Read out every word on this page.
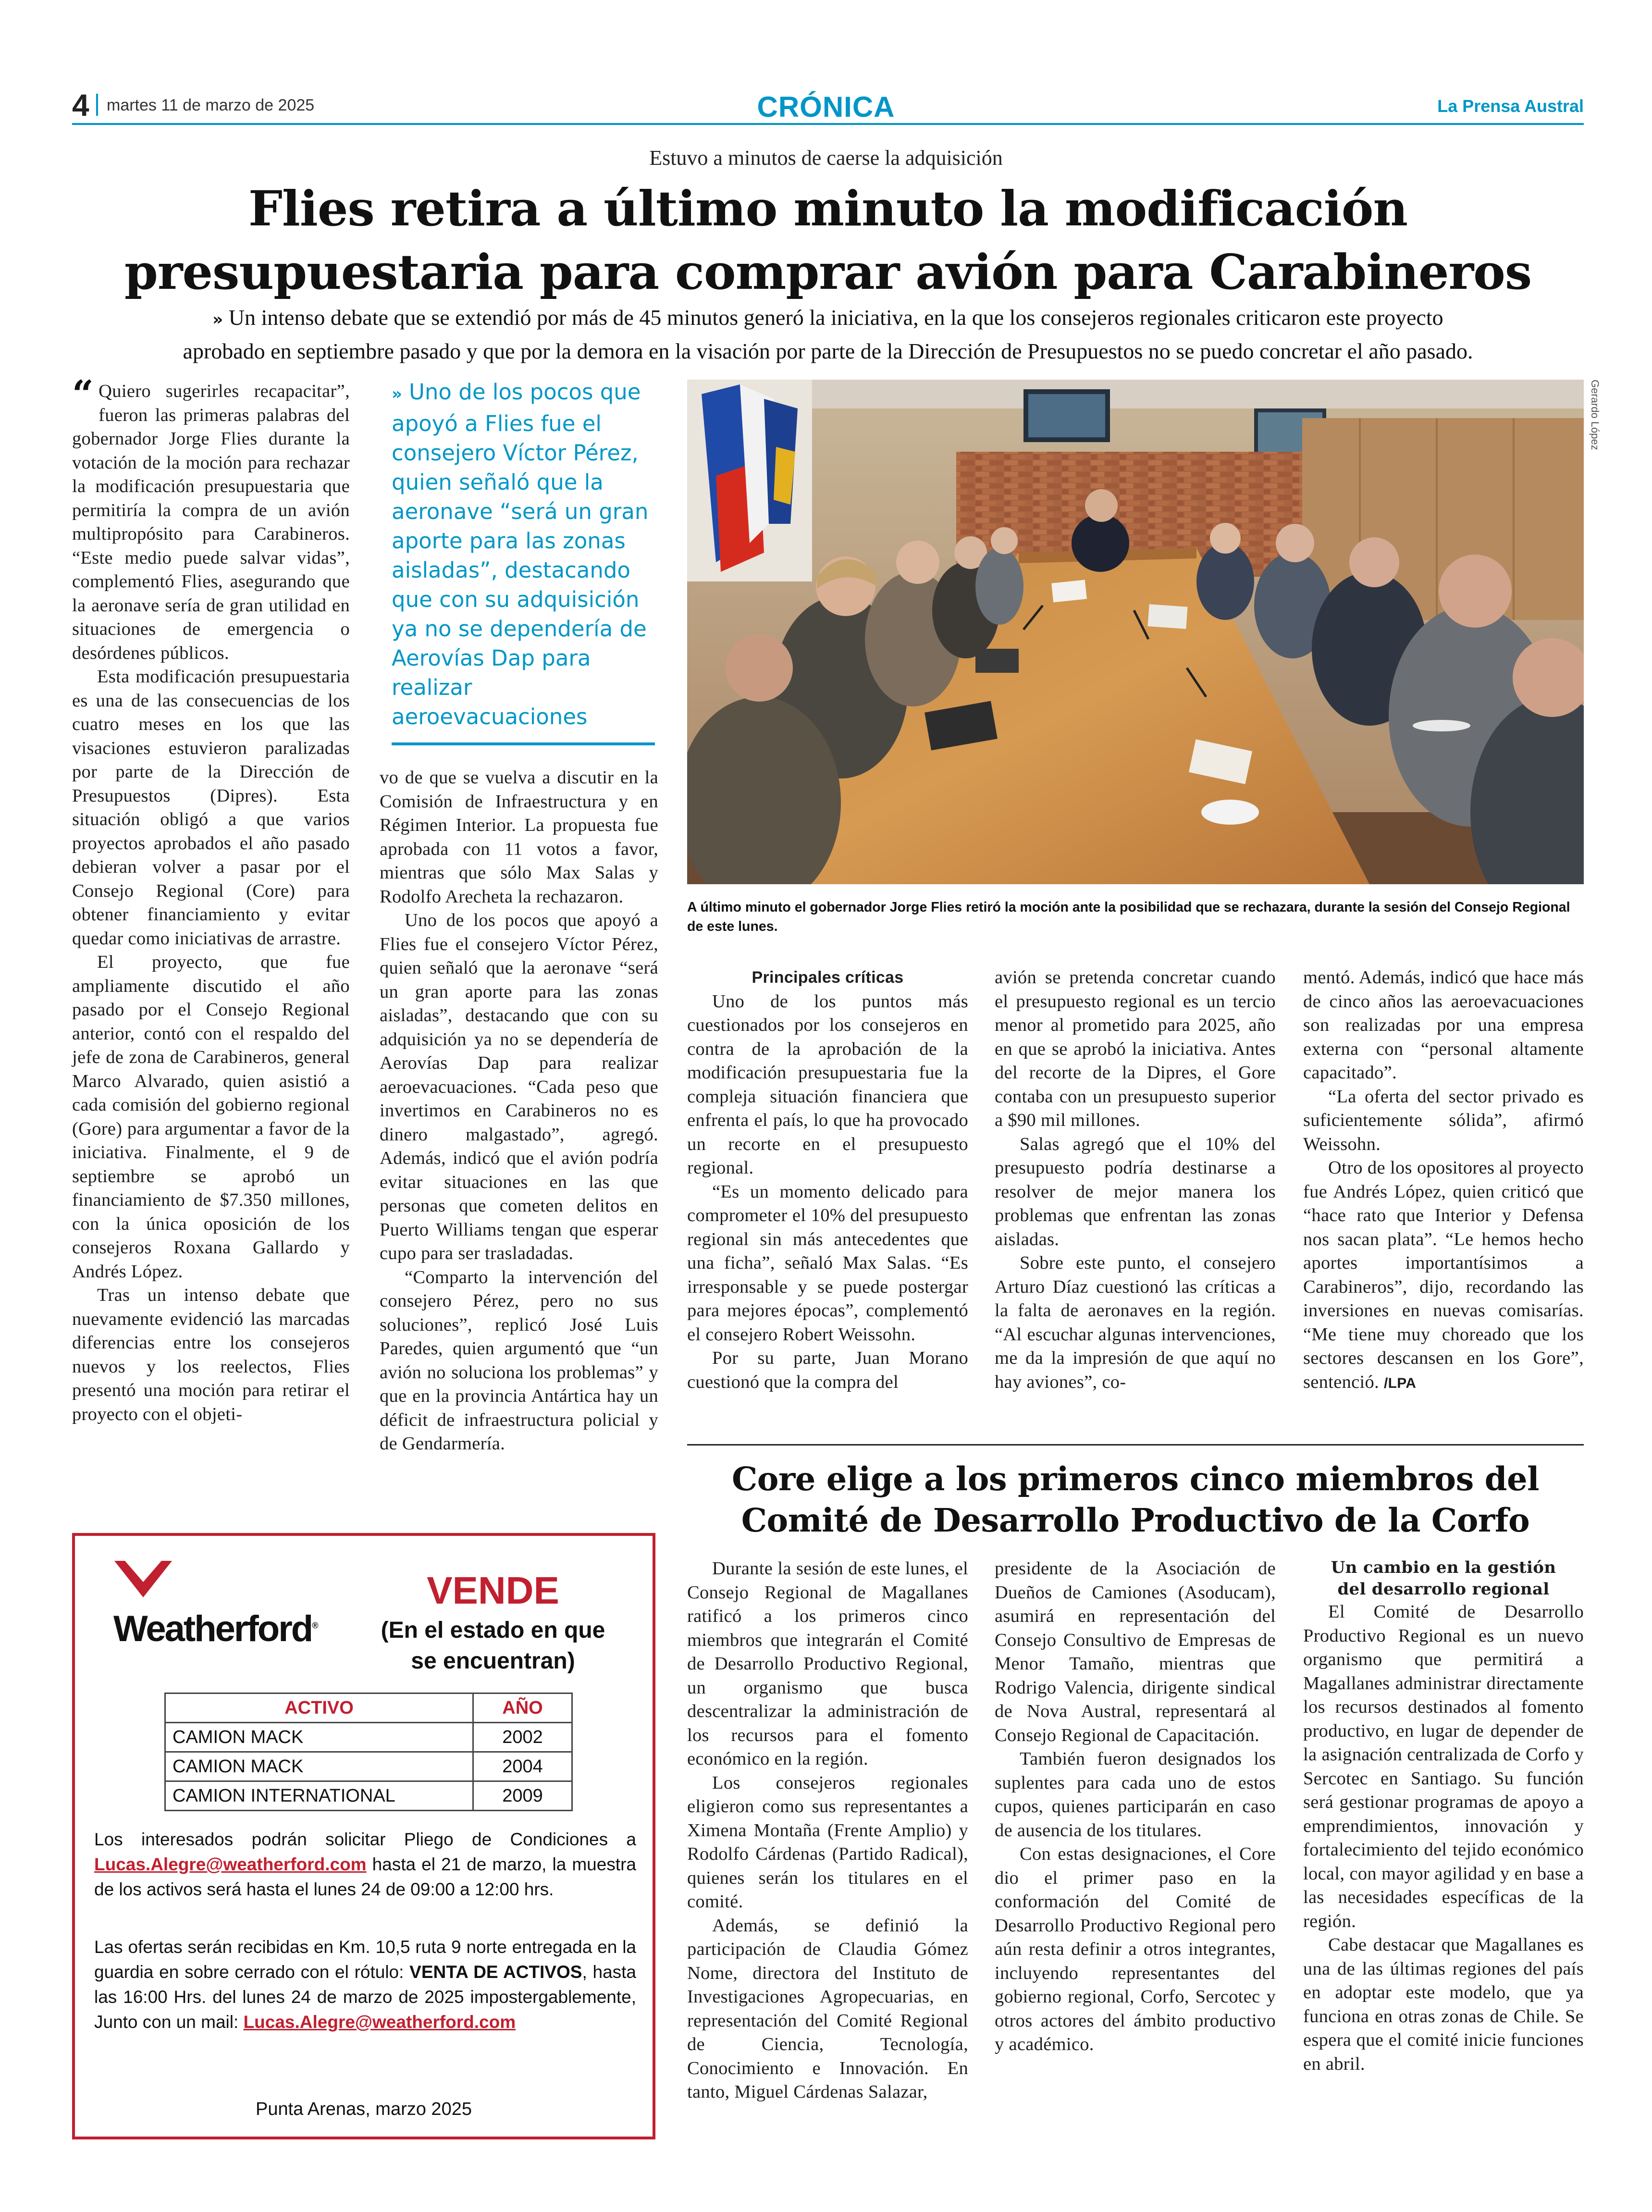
4 martes 11 de marzo de 2025	CRÓNICA	La Prensa Austral
Estuvo a minutos de caerse la adquisición
Flies retira a último minuto la modificación
presupuestaria para comprar avión para Carabineros
» Un intenso debate que se extendió por más de 45 minutos generó la iniciativa, en la que los consejeros regionales criticaron este proyecto
aprobado en septiembre pasado y que por la demora en la visación por parte de la Dirección de Presupuestos no se puedo concretar el año pasado.

“ Quiero sugerirles recapacitar”, fueron las primeras palabras del gobernador Jorge Flies durante la votación de la moción para rechazar la modificación presupuestaria que permitiría la compra de un avión multipropósito para Carabineros. “Este medio puede salvar vidas”, complementó Flies, asegurando que la aeronave sería de gran utilidad en situaciones de emergencia o desórdenes públicos.

Esta modificación presupuestaria es una de las consecuencias de los cuatro meses en los que las visaciones estuvieron paralizadas por parte de la Dirección de Presupuestos (Dipres). Esta situación obligó a que varios proyectos aprobados el año pasado debieran volver a pasar por el Consejo Regional (Core) para obtener financiamiento y evitar quedar como iniciativas de arrastre.

El proyecto, que fue ampliamente discutido el año pasado por el Consejo Regional anterior, contó con el respaldo del jefe de zona de Carabineros, general Marco Alvarado, quien asistió a cada comisión del gobierno regional (Gore) para argumentar a favor de la iniciativa. Finalmente, el 9 de septiembre se aprobó un financiamiento de $7.350 millones, con la única oposición de los consejeros Roxana Gallardo y Andrés López.

Tras un intenso debate que nuevamente evidenció las marcadas diferencias entre los consejeros nuevos y los reelectos, Flies presentó una moción para retirar el proyecto con el objeti-

» Uno de los pocos que apoyó a Flies fue el consejero Víctor Pérez, quien señaló que la aeronave “será un gran aporte para las zonas aisladas”, destacando que con su adquisición ya no se dependería de Aerovías Dap para realizar aeroevacuaciones

vo de que se vuelva a discutir en la Comisión de Infraestructura y en Régimen Interior. La propuesta fue aprobada con 11 votos a favor, mientras que sólo Max Salas y Rodolfo Arecheta la rechazaron.

Uno de los pocos que apoyó a Flies fue el consejero Víctor Pérez, quien señaló que la aeronave “será un gran aporte para las zonas aisladas”, destacando que con su adquisición ya no se dependería de Aerovías Dap para realizar aeroevacuaciones. “Cada peso que invertimos en Carabineros no es dinero malgastado”, agregó. Además, indicó que el avión podría evitar situaciones en las que personas que cometen delitos en Puerto Williams tengan que esperar cupo para ser trasladadas.

“Comparto la intervención del consejero Pérez, pero no sus soluciones”, replicó José Luis Paredes, quien argumentó que “un avión no soluciona los problemas” y que en la provincia Antártica hay un déficit de infraestructura policial y de Gendarmería.

Gerardo López
A último minuto el gobernador Jorge Flies retiró la moción ante la posibilidad que se rechazara, durante la sesión del Consejo Regional de este lunes.

Principales críticas

Uno de los puntos más cuestionados por los consejeros en contra de la aprobación de la modificación presupuestaria fue la compleja situación financiera que enfrenta el país, lo que ha provocado un recorte en el presupuesto regional.

“Es un momento delicado para comprometer el 10% del presupuesto regional sin más antecedentes que una ficha”, señaló Max Salas. “Es irresponsable y se puede postergar para mejores épocas”, complementó el consejero Robert Weissohn.

Por su parte, Juan Morano cuestionó que la compra del

avión se pretenda concretar cuando el presupuesto regional es un tercio menor al prometido para 2025, año en que se aprobó la iniciativa. Antes del recorte de la Dipres, el Gore contaba con un presupuesto superior a $90 mil millones.

Salas agregó que el 10% del presupuesto podría destinarse a resolver de mejor manera los problemas que enfrentan las zonas aisladas.

Sobre este punto, el consejero Arturo Díaz cuestionó las críticas a la falta de aeronaves en la región. “Al escuchar algunas intervenciones, me da la impresión de que aquí no hay aviones”, co-

mentó. Además, indicó que hace más de cinco años las aeroevacuaciones son realizadas por una empresa externa con “personal altamente capacitado”.

“La oferta del sector privado es suficientemente sólida”, afirmó Weissohn.

Otro de los opositores al proyecto fue Andrés López, quien criticó que “hace rato que Interior y Defensa nos sacan plata”. “Le hemos hecho aportes importantísimos a Carabineros”, dijo, recordando las inversiones en nuevas comisarías. “Me tiene muy choreado que los sectores descansen en los Gore”, sentenció. /LPA

Core elige a los primeros cinco miembros del
Comité de Desarrollo Productivo de la Corfo

Durante la sesión de este lunes, el Consejo Regional de Magallanes ratificó a los primeros cinco miembros que integrarán el Comité de Desarrollo Productivo Regional, un organismo que busca descentralizar la administración de los recursos para el fomento económico en la región.

Los consejeros regionales eligieron como sus representantes a Ximena Montaña (Frente Amplio) y Rodolfo Cárdenas (Partido Radical), quienes serán los titulares en el comité.

Además, se definió la participación de Claudia Gómez Nome, directora del Instituto de Investigaciones Agropecuarias, en representación del Comité Regional de Ciencia, Tecnología, Conocimiento e Innovación. En tanto, Miguel Cárdenas Salazar,

presidente de la Asociación de Dueños de Camiones (Asoducam), asumirá en representación del Consejo Consultivo de Empresas de Menor Tamaño, mientras que Rodrigo Valencia, dirigente sindical de Nova Austral, representará al Consejo Regional de Capacitación.

También fueron designados los suplentes para cada uno de estos cupos, quienes participarán en caso de ausencia de los titulares.

Con estas designaciones, el Core dio el primer paso en la conformación del Comité de Desarrollo Productivo Regional pero aún resta definir a otros integrantes, incluyendo representantes del gobierno regional, Corfo, Sercotec y otros actores del ámbito productivo y académico.

Un cambio en la gestión
del desarrollo regional

El Comité de Desarrollo Productivo Regional es un nuevo organismo que permitirá a Magallanes administrar directamente los recursos destinados al fomento productivo, en lugar de depender de la asignación centralizada de Corfo y Sercotec en Santiago. Su función será gestionar programas de apoyo a emprendimientos, innovación y fortalecimiento del tejido económico local, con mayor agilidad y en base a las necesidades específicas de la región.

Cabe destacar que Magallanes es una de las últimas regiones del país en adoptar este modelo, que ya funciona en otras zonas de Chile. Se espera que el comité inicie funciones en abril.

Weatherford®
VENDE
(En el estado en que
se encuentran)
ACTIVO	AÑO
CAMION MACK	2002
CAMION MACK	2004
CAMION INTERNATIONAL	2009
Los interesados podrán solicitar Pliego de Condiciones a Lucas.Alegre@weatherford.com hasta el 21 de marzo, la muestra de los activos será hasta el lunes 24 de 09:00 a 12:00 hrs.
Las ofertas serán recibidas en Km. 10,5 ruta 9 norte entregada en la guardia en sobre cerrado con el rótulo: VENTA DE ACTIVOS, hasta las 16:00 Hrs. del lunes 24 de marzo de 2025 impostergablemente, Junto con un mail: Lucas.Alegre@weatherford.com
Punta Arenas, marzo 2025
